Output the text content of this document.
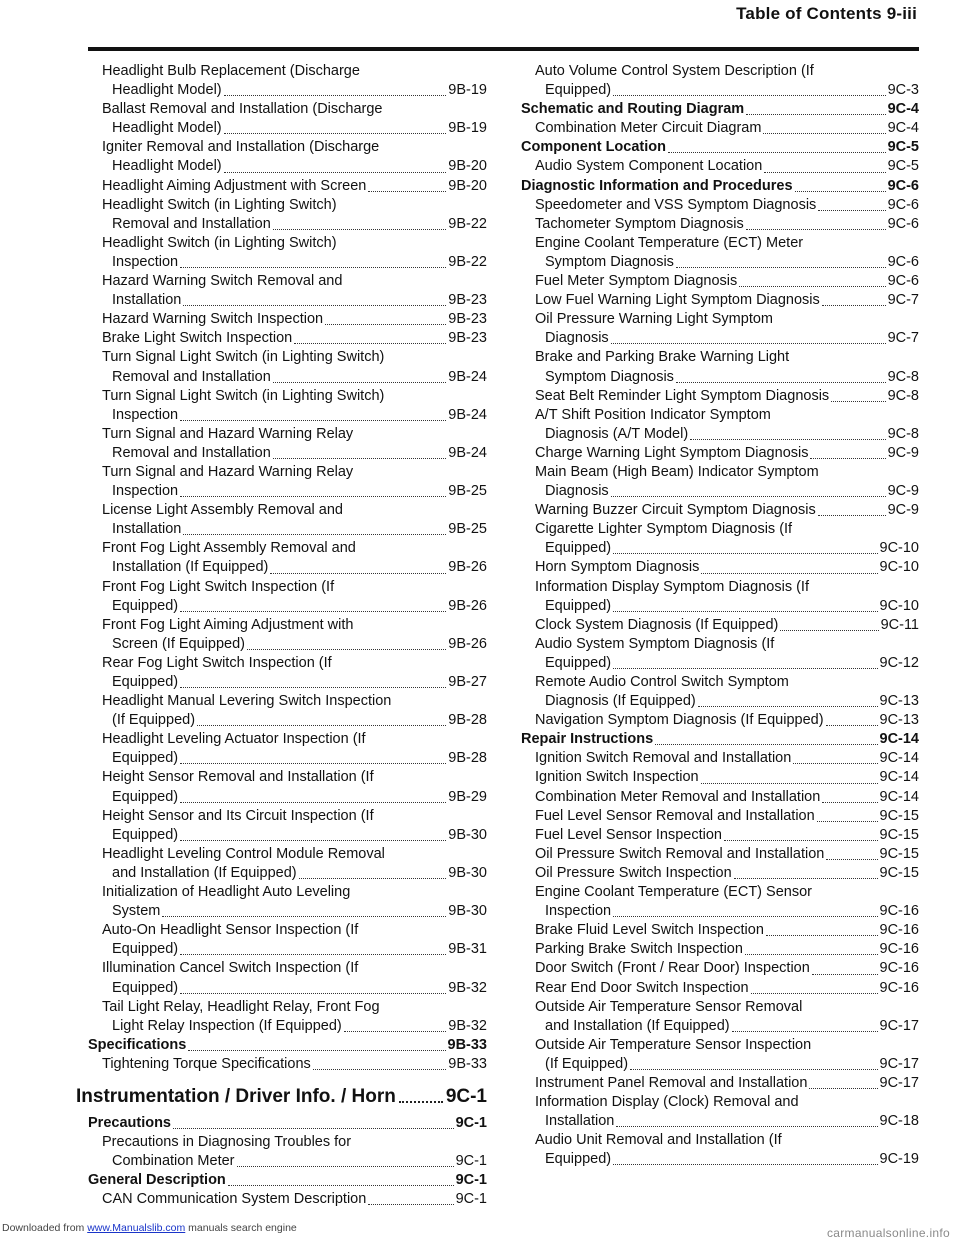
Table of Contents 9-iii
Headlight Bulb Replacement (Discharge
Headlight Model)	9B-19
Ballast Removal and Installation (Discharge
Headlight Model)	9B-19
Igniter Removal and Installation (Discharge
Headlight Model)	9B-20
Headlight Aiming Adjustment with Screen	9B-20
Headlight Switch (in Lighting Switch)
Removal and Installation	9B-22
Headlight Switch (in Lighting Switch)
Inspection	9B-22
Hazard Warning Switch Removal and
Installation	9B-23
Hazard Warning Switch Inspection	9B-23
Brake Light Switch Inspection	9B-23
Turn Signal Light Switch (in Lighting Switch)
Removal and Installation	9B-24
Turn Signal Light Switch (in Lighting Switch)
Inspection	9B-24
Turn Signal and Hazard Warning Relay
Removal and Installation	9B-24
Turn Signal and Hazard Warning Relay
Inspection	9B-25
License Light Assembly Removal and
Installation	9B-25
Front Fog Light Assembly Removal and
Installation (If Equipped)	9B-26
Front Fog Light Switch Inspection (If
Equipped)	9B-26
Front Fog Light Aiming Adjustment with
Screen (If Equipped)	9B-26
Rear Fog Light Switch Inspection (If
Equipped)	9B-27
Headlight Manual Levering Switch Inspection
(If Equipped)	9B-28
Headlight Leveling Actuator Inspection (If
Equipped)	9B-28
Height Sensor Removal and Installation (If
Equipped)	9B-29
Height Sensor and Its Circuit Inspection (If
Equipped)	9B-30
Headlight Leveling Control Module Removal
and Installation (If Equipped)	9B-30
Initialization of Headlight Auto Leveling
System	9B-30
Auto-On Headlight Sensor Inspection (If
Equipped)	9B-31
Illumination Cancel Switch Inspection (If
Equipped)	9B-32
Tail Light Relay, Headlight Relay, Front Fog
Light Relay Inspection (If Equipped)	9B-32
Specifications	9B-33
Tightening Torque Specifications	9B-33
Instrumentation / Driver Info. / Horn	9C-1
Precautions	9C-1
Precautions in Diagnosing Troubles for
Combination Meter	9C-1
General Description	9C-1
CAN Communication System Description	9C-1
Auto Volume Control System Description (If
Equipped)	9C-3
Schematic and Routing Diagram	9C-4
Combination Meter Circuit Diagram	9C-4
Component Location	9C-5
Audio System Component Location	9C-5
Diagnostic Information and Procedures	9C-6
Speedometer and VSS Symptom Diagnosis	9C-6
Tachometer Symptom Diagnosis	9C-6
Engine Coolant Temperature (ECT) Meter
Symptom Diagnosis	9C-6
Fuel Meter Symptom Diagnosis	9C-6
Low Fuel Warning Light Symptom Diagnosis	9C-7
Oil Pressure Warning Light Symptom
Diagnosis	9C-7
Brake and Parking Brake Warning Light
Symptom Diagnosis	9C-8
Seat Belt Reminder Light Symptom Diagnosis	9C-8
A/T Shift Position Indicator Symptom
Diagnosis (A/T Model)	9C-8
Charge Warning Light Symptom Diagnosis	9C-9
Main Beam (High Beam) Indicator Symptom
Diagnosis	9C-9
Warning Buzzer Circuit Symptom Diagnosis	9C-9
Cigarette Lighter Symptom Diagnosis (If
Equipped)	9C-10
Horn Symptom Diagnosis	9C-10
Information Display Symptom Diagnosis (If
Equipped)	9C-10
Clock System Diagnosis (If Equipped)	9C-11
Audio System Symptom Diagnosis (If
Equipped)	9C-12
Remote Audio Control Switch Symptom
Diagnosis (If Equipped)	9C-13
Navigation Symptom Diagnosis (If Equipped)	9C-13
Repair Instructions	9C-14
Ignition Switch Removal and Installation	9C-14
Ignition Switch Inspection	9C-14
Combination Meter Removal and Installation	9C-14
Fuel Level Sensor Removal and Installation	9C-15
Fuel Level Sensor Inspection	9C-15
Oil Pressure Switch Removal and Installation	9C-15
Oil Pressure Switch Inspection	9C-15
Engine Coolant Temperature (ECT) Sensor
Inspection	9C-16
Brake Fluid Level Switch Inspection	9C-16
Parking Brake Switch Inspection	9C-16
Door Switch (Front / Rear Door) Inspection	9C-16
Rear End Door Switch Inspection	9C-16
Outside Air Temperature Sensor Removal
and Installation (If Equipped)	9C-17
Outside Air Temperature Sensor Inspection
(If Equipped)	9C-17
Instrument Panel Removal and Installation	9C-17
Information Display (Clock) Removal and
Installation	9C-18
Audio Unit Removal and Installation (If
Equipped)	9C-19
Downloaded from www.Manualslib.com manuals search engine	carmanualsonline.info
